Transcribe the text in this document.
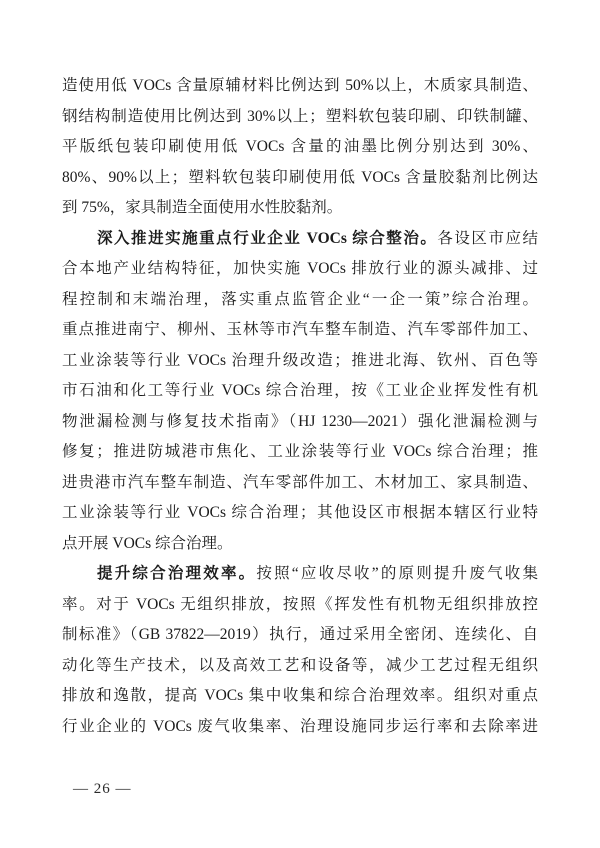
造使用低 VOCs 含量原辅材料比例达到 50%以上，木质家具制造、
钢结构制造使用比例达到 30%以上；塑料软包装印刷、印铁制罐、
平版纸包装印刷使用低 VOCs 含量的油墨比例分别达到 30%、
80%、90%以上；塑料软包装印刷使用低 VOCs 含量胶黏剂比例达
到 75%，家具制造全面使用水性胶黏剂。
深入推进实施重点行业企业 VOCs 综合整治。各设区市应结
合本地产业结构特征，加快实施 VOCs 排放行业的源头减排、过
程控制和末端治理，落实重点监管企业“一企一策”综合治理。
重点推进南宁、柳州、玉林等市汽车整车制造、汽车零部件加工、
工业涂装等行业 VOCs 治理升级改造；推进北海、钦州、百色等
市石油和化工等行业 VOCs 综合治理，按《工业企业挥发性有机
物泄漏检测与修复技术指南》（HJ 1230—2021）强化泄漏检测与
修复；推进防城港市焦化、工业涂装等行业 VOCs 综合治理；推
进贵港市汽车整车制造、汽车零部件加工、木材加工、家具制造、
工业涂装等行业 VOCs 综合治理；其他设区市根据本辖区行业特
点开展 VOCs 综合治理。
提升综合治理效率。按照“应收尽收”的原则提升废气收集
率。对于 VOCs 无组织排放，按照《挥发性有机物无组织排放控
制标准》（GB 37822—2019）执行，通过采用全密闭、连续化、自
动化等生产技术，以及高效工艺和设备等，减少工艺过程无组织
排放和逸散，提高 VOCs 集中收集和综合治理效率。组织对重点
行业企业的 VOCs 废气收集率、治理设施同步运行率和去除率进
— 26 —
